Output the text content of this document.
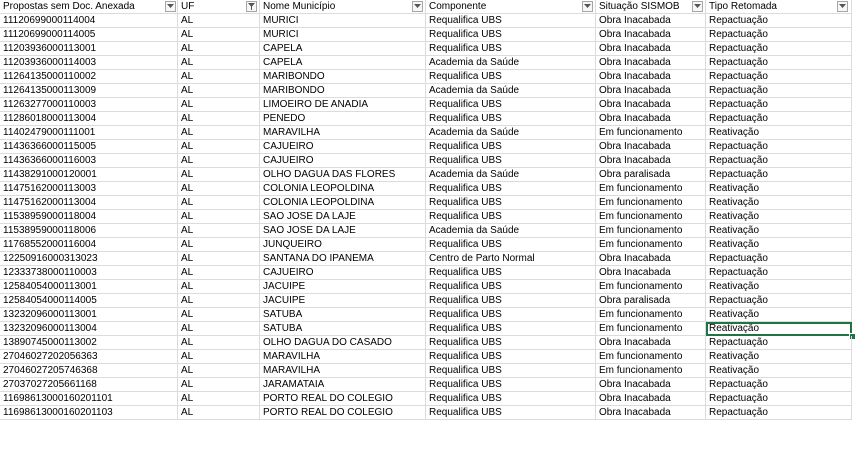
Propostas sem Doc. Anexada	UF	Nome Município	Componente	Situação SISMOB	Tipo Retomada
11120699000114004	AL	MURICI	Requalifica UBS	Obra Inacabada	Repactuação
11120699000114005	AL	MURICI	Requalifica UBS	Obra Inacabada	Repactuação
11203936000113001	AL	CAPELA	Requalifica UBS	Obra Inacabada	Repactuação
11203936000114003	AL	CAPELA	Academia da Saúde	Obra Inacabada	Repactuação
11264135000110002	AL	MARIBONDO	Requalifica UBS	Obra Inacabada	Repactuação
11264135000113009	AL	MARIBONDO	Academia da Saúde	Obra Inacabada	Repactuação
11263277000110003	AL	LIMOEIRO DE ANADIA	Requalifica UBS	Obra Inacabada	Repactuação
11286018000113004	AL	PENEDO	Requalifica UBS	Obra Inacabada	Repactuação
11402479000111001	AL	MARAVILHA	Academia da Saúde	Em funcionamento	Reativação
11436366000115005	AL	CAJUEIRO	Requalifica UBS	Obra Inacabada	Repactuação
11436366000116003	AL	CAJUEIRO	Requalifica UBS	Obra Inacabada	Repactuação
11438291000120001	AL	OLHO DAGUA DAS FLORES	Academia da Saúde	Obra paralisada	Repactuação
11475162000113003	AL	COLONIA LEOPOLDINA	Requalifica UBS	Em funcionamento	Reativação
11475162000113004	AL	COLONIA LEOPOLDINA	Requalifica UBS	Em funcionamento	Reativação
11538959000118004	AL	SAO JOSE DA LAJE	Requalifica UBS	Em funcionamento	Reativação
11538959000118006	AL	SAO JOSE DA LAJE	Academia da Saúde	Em funcionamento	Reativação
11768552000116004	AL	JUNQUEIRO	Requalifica UBS	Em funcionamento	Reativação
12250916000313023	AL	SANTANA DO IPANEMA	Centro de Parto Normal	Obra Inacabada	Repactuação
12333738000110003	AL	CAJUEIRO	Requalifica UBS	Obra Inacabada	Repactuação
12584054000113001	AL	JACUIPE	Requalifica UBS	Em funcionamento	Reativação
12584054000114005	AL	JACUIPE	Requalifica UBS	Obra paralisada	Repactuação
13232096000113001	AL	SATUBA	Requalifica UBS	Em funcionamento	Reativação
13232096000113004	AL	SATUBA	Requalifica UBS	Em funcionamento	Reativação
13890745000113002	AL	OLHO DAGUA DO CASADO	Requalifica UBS	Obra Inacabada	Repactuação
27046027202056363	AL	MARAVILHA	Requalifica UBS	Em funcionamento	Reativação
27046027205746368	AL	MARAVILHA	Requalifica UBS	Em funcionamento	Reativação
27037027205661168	AL	JARAMATAIA	Requalifica UBS	Obra Inacabada	Repactuação
11698613000160201101	AL	PORTO REAL DO COLEGIO	Requalifica UBS	Obra Inacabada	Repactuação
11698613000160201103	AL	PORTO REAL DO COLEGIO	Requalifica UBS	Obra Inacabada	Repactuação
